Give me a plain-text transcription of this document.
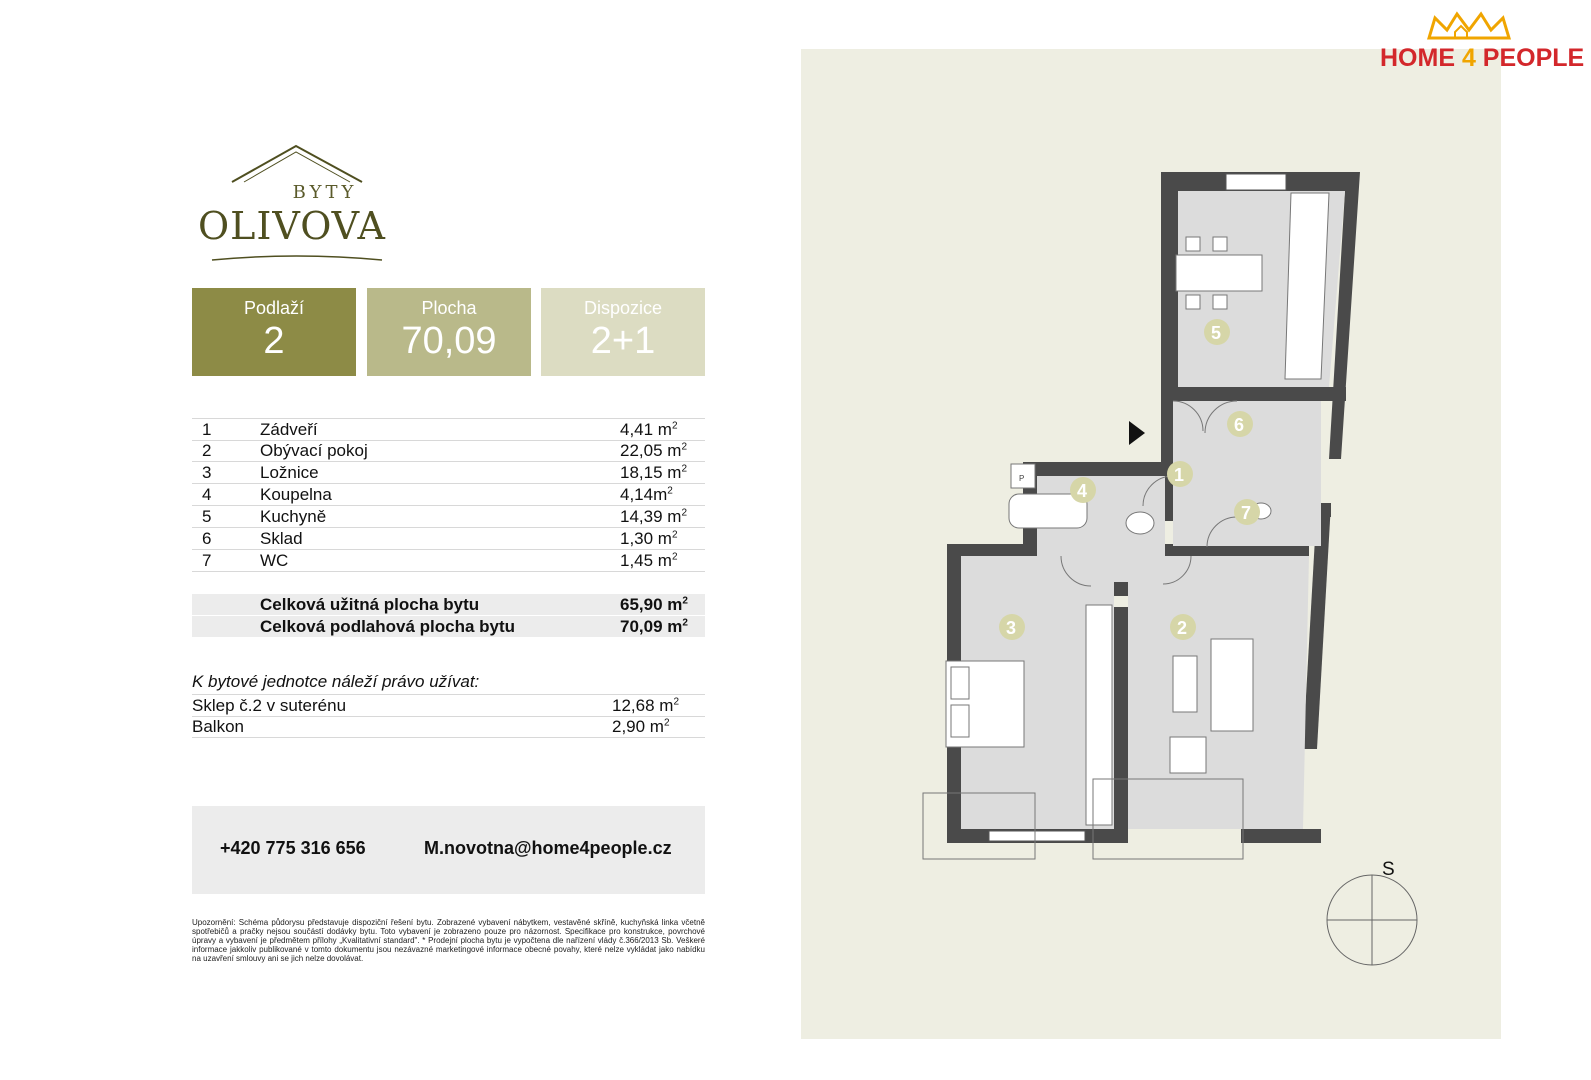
BYTY
OLIVOVA
Podlaží
2
Plocha
70,09
Dispozice
2+1
1	Zádveří	4,41 $m^2$
2	Obývací pokoj	22,05 $m^2$
3	Ložnice	18,15 $m^2$
4	Koupelna	$4,14m^2$
5	Kuchyně	14,39 $m^2$
6	Sklad	1,30 $m^2$
7	WC	1,45 $m^2$
Celková užitná plocha bytu	65,90 $m^2$
Celková podlahová plocha bytu	70,09 $m^2$
K bytové jednotce náleží právo užívat:
Sklep č.2 v suterénu	12,68 $m^2$
Balkon	2,90 $m^2$
+420 775 316 656	M.novotna@home4people.cz
Upozornění: Schéma půdorysu představuje dispoziční řešení bytu. Zobrazené vybavení nábytkem, vestavěné skříně, kuchyňská linka včetně spotřebičů a pračky nejsou součástí dodávky bytu. Toto vybavení je zobrazeno pouze pro názornost. Specifikace pro konstrukce, povrchové úpravy a vybavení je předmětem přílohy „Kvalitativní standard". * Prodejní plocha bytu je vypočtena dle nařízení vlády č.366/2013 Sb. Veškeré informace jakkoliv publikované v tomto dokumentu jsou nezávazné marketingové informace obecné povahy, které nelze vykládat jako nabídku na uzavření smlouvy ani se jich nelze dovolávat.
HOME 4 PEOPLE
P
5
6
1
4
7
3	2
S
